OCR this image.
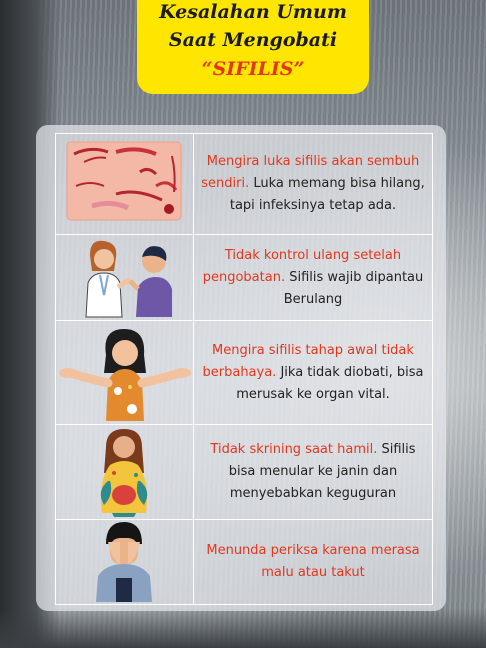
Kesalahan Umum
Saat Mengobati
“SIFILIS”
Mengira luka sifilis akan sembuh sendiri. Luka memang bisa hilang, tapi infeksinya tetap ada.
Tidak kontrol ulang setelah pengobatan. Sifilis wajib dipantau Berulang
Mengira sifilis tahap awal tidak berbahaya. Jika tidak diobati, bisa merusak ke organ vital.
Tidak skrining saat hamil. Sifilis bisa menular ke janin dan menyebabkan keguguran
Menunda periksa karena merasa malu atau takut
